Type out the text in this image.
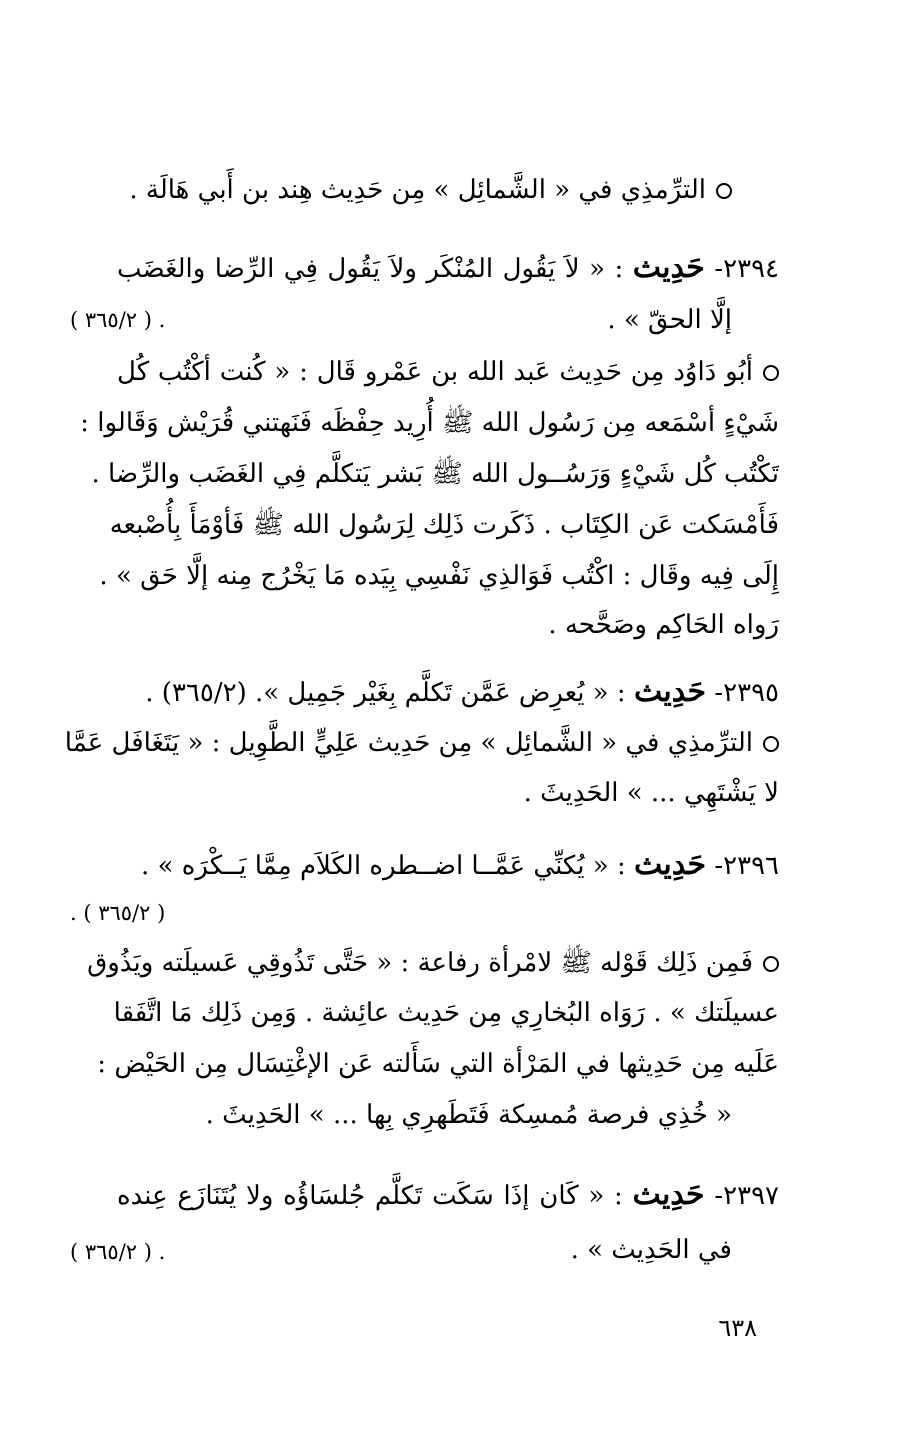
الترِّمذِي في « الشَّمائِل » مِن حَدِيث هِند بن أَبي هَالَة .
٢٣٩٤- حَدِيث : « لاَ يَقُول المُنْكَر ولاَ يَقُول فِي الرِّضا والغَضَب
إلَّا الحقّ » .
( ٣٦٥/٢ ) .
أبُو دَاوُد مِن حَدِيث عَبد الله بن عَمْرو قَال : « كُنت أكْتُب كُل
شَيْءٍ أسْمَعه مِن رَسُول الله ﷺ أُرِيد حِفْظَه فَنَهتني قُرَيْش وَقَالوا :
تَكْتُب كُل شَيْءٍ وَرَسُــول الله ﷺ بَشر يَتكلَّم فِي الغَضَب والرِّضا .
فَأَمْسَكت عَن الكِتَاب . ذَكَرت ذَلِك لِرَسُول الله ﷺ فَأوْمَأَ بِأُصْبعه
إِلَى فِيه وقَال : اكْتُب فَوَالذِي نَفْسِي بِيَده مَا يَخْرُج مِنه إلَّا حَق » .
رَواه الحَاكِم وصَحَّحه .
٢٣٩٥- حَدِيث : « يُعرِض عَمَّن تَكلَّم بِغَيْر جَمِيل ». (٣٦٥/٢) .
الترِّمذِي في « الشَّمائِل » مِن حَدِيث عَلِيٍّ الطَّوِيل : « يَتَغَافَل عَمَّا
لا يَشْتَهِي ... » الحَدِيثَ .
٢٣٩٦- حَدِيث : « يُكنِّي عَمَّــا اضــطره الكَلاَم مِمَّا يَــكْرَه » .
. ( ٣٦٥/٢ )
فَمِن ذَلِك قَوْله ﷺ لامْرأة رفاعة : « حَتَّى تَذُوقِي عَسيلَته ويَذُوق
عسيلَتك » . رَوَاه البُخارِي مِن حَدِيث عائِشة . وَمِن ذَلِك مَا اتَّفَقا
عَلَيه مِن حَدِيثها في المَرْأة التي سَأَلته عَن الإغْتِسَال مِن الحَيْض :
« خُذِي فرصة مُمسِكة فَتَطَهرِي بِها ... » الحَدِيثَ .
٢٣٩٧- حَدِيث : « كَان إذَا سَكَت تَكلَّم جُلسَاؤُه ولا يُتَنَازَع عِنده
في الحَدِيث » .
( ٣٦٥/٢ ) .
٦٣٨
